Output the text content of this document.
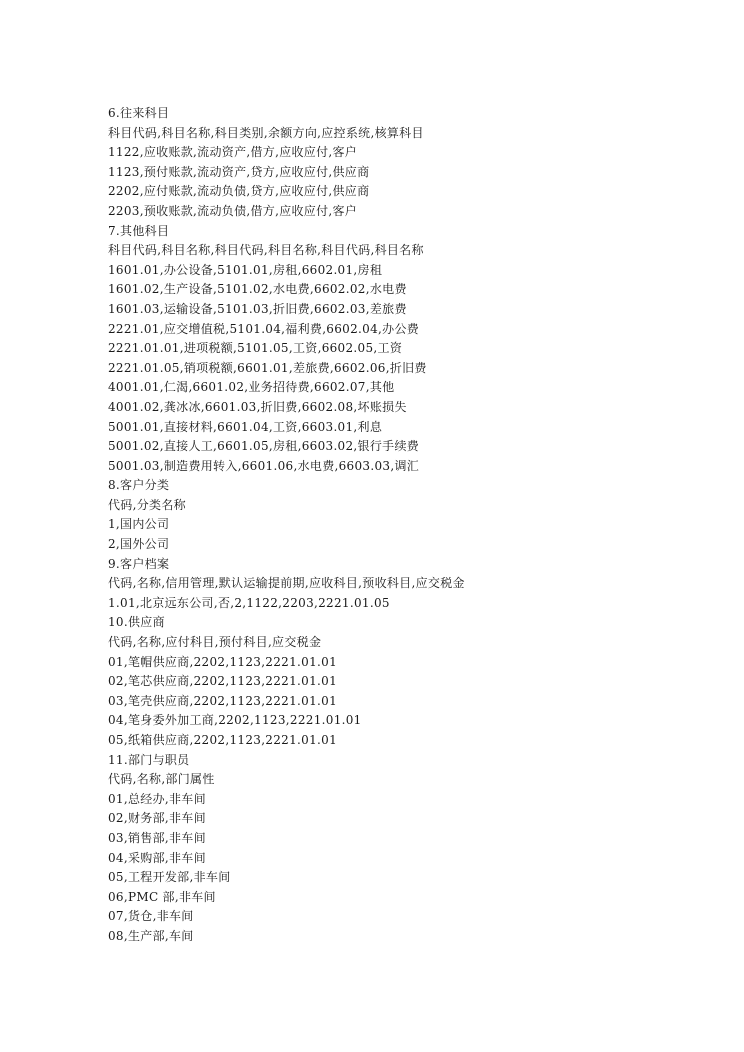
6.往来科目
科目代码,科目名称,科目类别,余额方向,应控系统,核算科目
1122,应收账款,流动资产,借方,应收应付,客户
1123,预付账款,流动资产,贷方,应收应付,供应商
2202,应付账款,流动负债,贷方,应收应付,供应商
2203,预收账款,流动负债,借方,应收应付,客户
7.其他科目
科目代码,科目名称,科目代码,科目名称,科目代码,科目名称
1601.01,办公设备,5101.01,房租,6602.01,房租
1601.02,生产设备,5101.02,水电费,6602.02,水电费
1601.03,运输设备,5101.03,折旧费,6602.03,差旅费
2221.01,应交增值税,5101.04,福利费,6602.04,办公费
2221.01.01,进项税额,5101.05,工资,6602.05,工资
2221.01.05,销项税额,6601.01,差旅费,6602.06,折旧费
4001.01,仁渴,6601.02,业务招待费,6602.07,其他
4001.02,龚冰冰,6601.03,折旧费,6602.08,坏账损失
5001.01,直接材料,6601.04,工资,6603.01,利息
5001.02,直接人工,6601.05,房租,6603.02,银行手续费
5001.03,制造费用转入,6601.06,水电费,6603.03,调汇
8.客户分类
代码,分类名称
1,国内公司
2,国外公司
9.客户档案
代码,名称,信用管理,默认运输提前期,应收科目,预收科目,应交税金
1.01,北京远东公司,否,2,1122,2203,2221.01.05
10.供应商
代码,名称,应付科目,预付科目,应交税金
01,笔帽供应商,2202,1123,2221.01.01
02,笔芯供应商,2202,1123,2221.01.01
03,笔壳供应商,2202,1123,2221.01.01
04,笔身委外加工商,2202,1123,2221.01.01
05,纸箱供应商,2202,1123,2221.01.01
11.部门与职员
代码,名称,部门属性
01,总经办,非车间
02,财务部,非车间
03,销售部,非车间
04,采购部,非车间
05,工程开发部,非车间
06,PMC 部,非车间
07,货仓,非车间
08,生产部,车间
